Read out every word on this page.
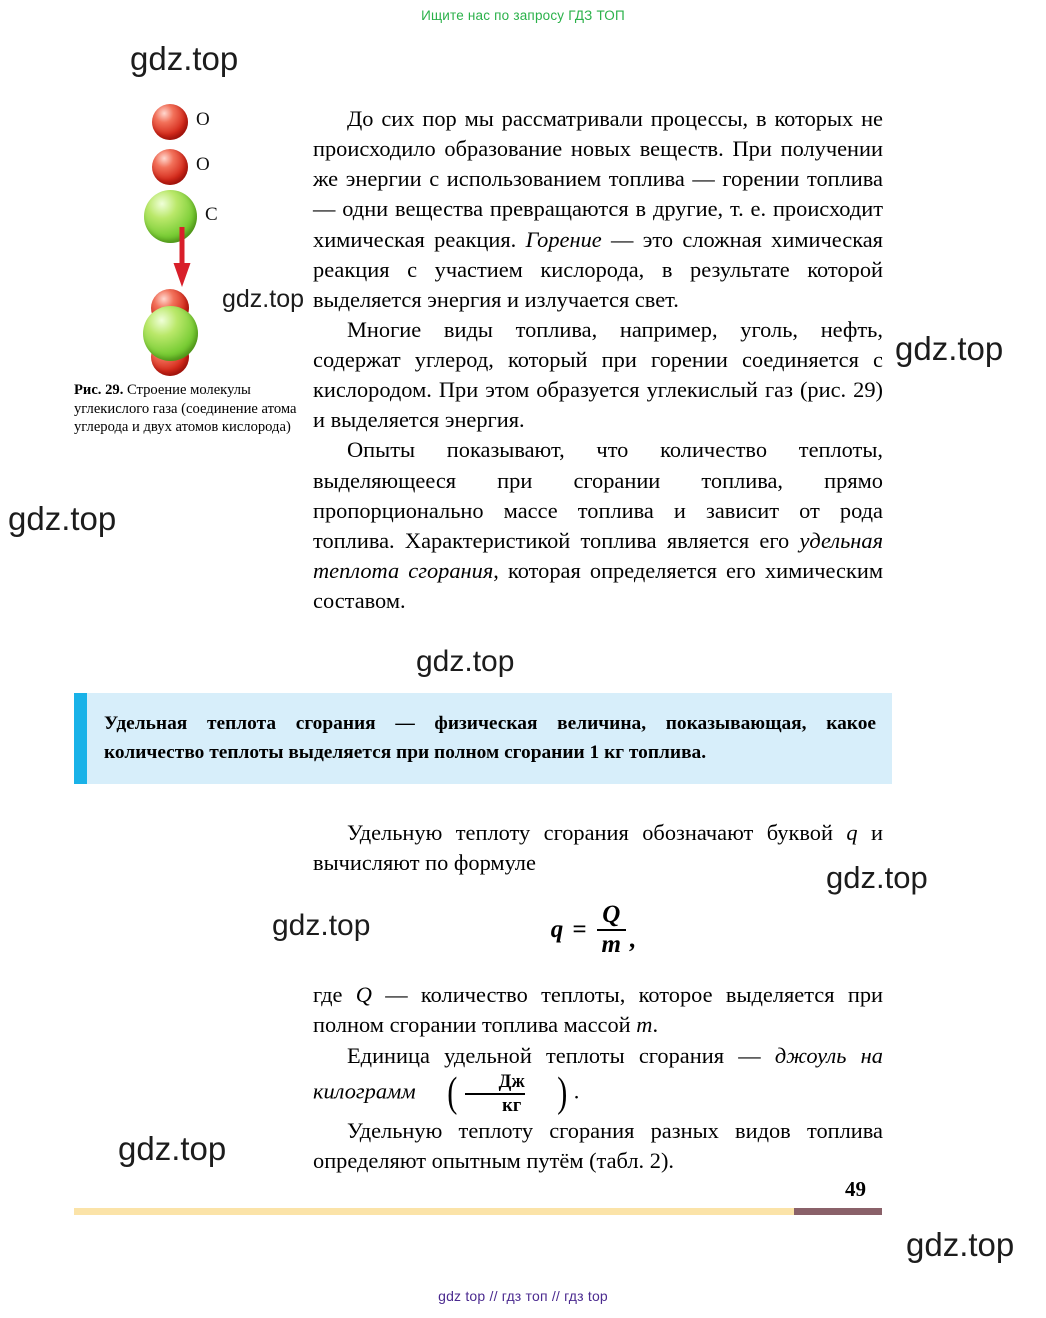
Ищите нас по запросу ГДЗ ТОП
O
O
C
Рис. 29. Строение молекулы углекислого газа (соединение атома углерода и двух атомов кислорода)

До сих пор мы рассматривали процессы, в которых не происходило образование новых веществ. При получении же энергии с использованием топлива — горении топлива — одни вещества превращаются в другие, т. е. происходит химическая реакция. Горение — это сложная химическая реакция с участием кислорода, в результате которой выделяется энергия и излучается свет.

Многие виды топлива, например, уголь, нефть, содержат углерод, который при горении соединяется с кислородом. При этом образуется углекислый газ (рис. 29) и выделяется энергия.

Опыты показывают, что количество теплоты, выделяющееся при сгорании топлива, прямо пропорционально массе топлива и зависит от рода топлива. Характеристикой топлива является его удельная теплота сгорания, которая определяется его химическим составом.

Удельная теплота сгорания — физическая величина, показывающая, какое количество теплоты выделяется при полном сгорании 1 кг топлива.

Удельную теплоту сгорания обозначают буквой q и вычисляют по формуле

$q = \frac{Q}{m}$ ,

где Q — количество теплоты, которое выделяется при полном сгорании топлива массой m.

Единица удельной теплоты сгорания — джоуль на килограмм ( $\frac{Дж}{кг}$ ) .

Удельную теплоту сгорания разных видов топлива определяют опытным путём (табл. 2).

49
gdz top // гдз топ // гдз top
gdz.top
gdz.top
gdz.top
gdz.top
gdz.top
gdz.top
gdz.top
gdz.top
gdz.top
